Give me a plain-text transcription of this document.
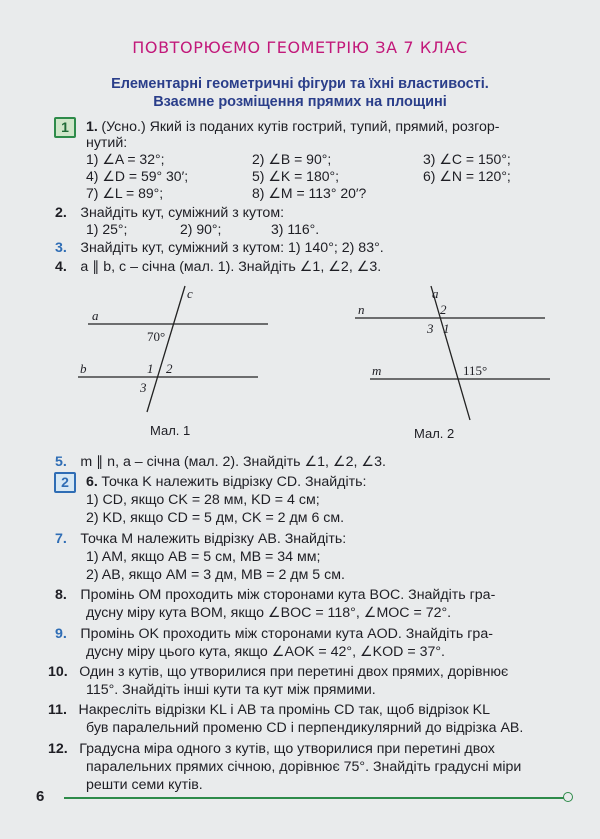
ПОВТОРЮЄМО ГЕОМЕТРІЮ ЗА 7 КЛАС
Елементарні геометричні фігури та їхні властивості.
Взаємне розміщення прямих на площині
1	1. (Усно.) Який із поданих кутів гострий, тупий, прямий, розгор-
нутий:
1) ∠A = 32°;	2) ∠B = 90°;	3) ∠C = 150°;
4) ∠D = 59° 30′;	5) ∠K = 180°;	6) ∠N = 120°;
7) ∠L = 89°;	8) ∠M = 113° 20′?
2. Знайдіть кут, суміжний з кутом:
1) 25°;	2) 90°;	3) 116°.
3. Знайдіть кут, суміжний з кутом: 1) 140°; 2) 83°.
4. a ∥ b, c – січна (мал. 1). Знайдіть ∠1, ∠2, ∠3.
a
b
c
70°
1 2
3
n
m
a
2
3 1
115°
Мал. 1	Мал. 2
5. m ∥ n, a – січна (мал. 2). Знайдіть ∠1, ∠2, ∠3.
2	6. Точка K належить відрізку CD. Знайдіть:
1) CD, якщо CK = 28 мм, KD = 4 см;
2) KD, якщо CD = 5 дм, CK = 2 дм 6 см.
7. Точка M належить відрізку AB. Знайдіть:
1) AM, якщо AB = 5 см, MB = 34 мм;
2) AB, якщо AM = 3 дм, MB = 2 дм 5 см.
8. Промінь OM проходить між сторонами кута BOC. Знайдіть гра-
дусну міру кута BOM, якщо ∠BOC = 118°, ∠MOC = 72°.
9. Промінь OK проходить між сторонами кута AOD. Знайдіть гра-
дусну міру цього кута, якщо ∠AOK = 42°, ∠KOD = 37°.
10. Один з кутів, що утворилися при перетині двох прямих, дорівнює
115°. Знайдіть інші кути та кут між прямими.
11. Накресліть відрізки KL і AB та промінь CD так, щоб відрізок KL
був паралельний променю CD і перпендикулярний до відрізка AB.
12. Градусна міра одного з кутів, що утворилися при перетині двох
паралельних прямих січною, дорівнює 75°. Знайдіть градусні міри
решти семи кутів.
6
